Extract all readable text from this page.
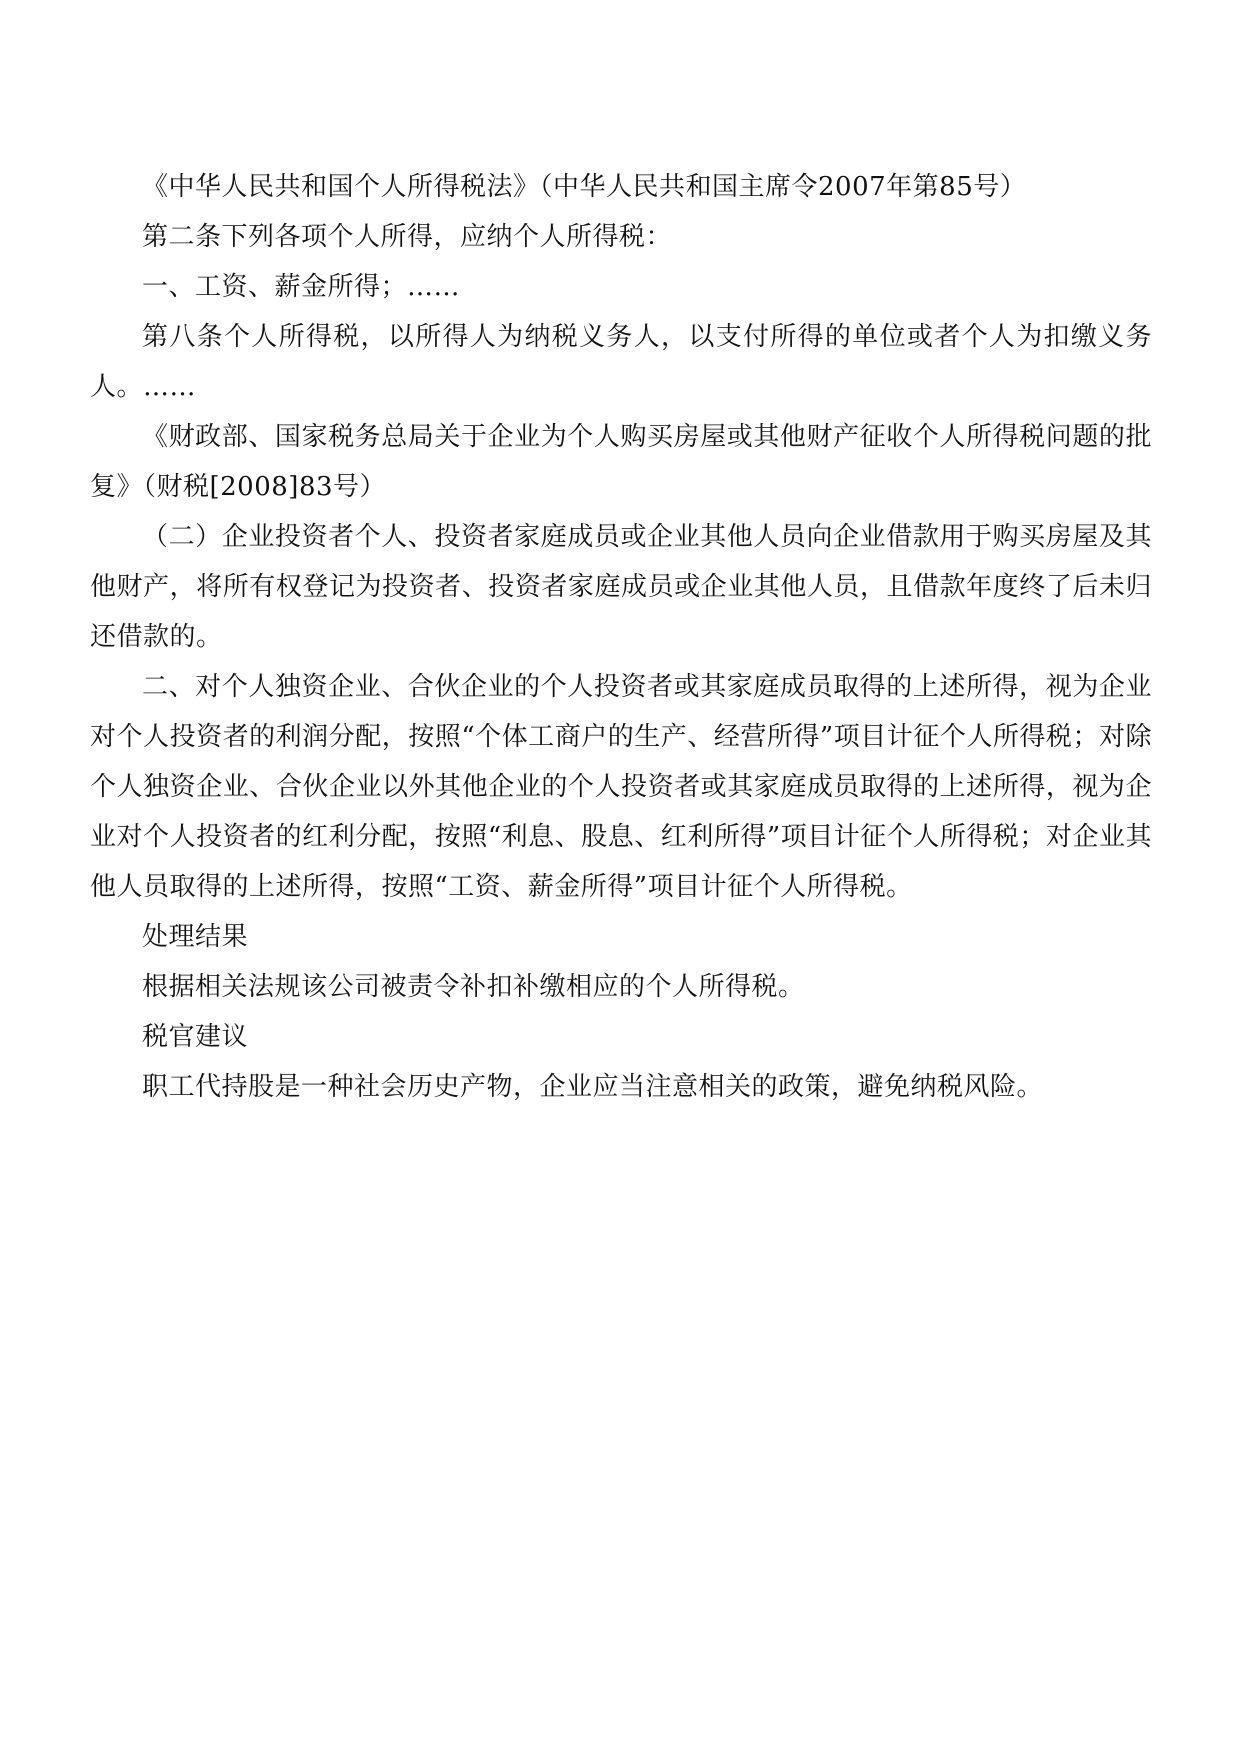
《中华人民共和国个人所得税法》（中华人民共和国主席令2007年第85号）

第二条下列各项个人所得，应纳个人所得税：

一、工资、薪金所得；……

第八条个人所得税，以所得人为纳税义务人，以支付所得的单位或者个人为扣缴义务人。……

《财政部、国家税务总局关于企业为个人购买房屋或其他财产征收个人所得税问题的批复》（财税[2008]83号）

（二）企业投资者个人、投资者家庭成员或企业其他人员向企业借款用于购买房屋及其他财产，将所有权登记为投资者、投资者家庭成员或企业其他人员，且借款年度终了后未归还借款的。

二、对个人独资企业、合伙企业的个人投资者或其家庭成员取得的上述所得，视为企业对个人投资者的利润分配，按照“个体工商户的生产、经营所得”项目计征个人所得税；对除个人独资企业、合伙企业以外其他企业的个人投资者或其家庭成员取得的上述所得，视为企业对个人投资者的红利分配，按照“利息、股息、红利所得”项目计征个人所得税；对企业其他人员取得的上述所得，按照“工资、薪金所得”项目计征个人所得税。

处理结果

根据相关法规该公司被责令补扣补缴相应的个人所得税。

税官建议

职工代持股是一种社会历史产物，企业应当注意相关的政策，避免纳税风险。
